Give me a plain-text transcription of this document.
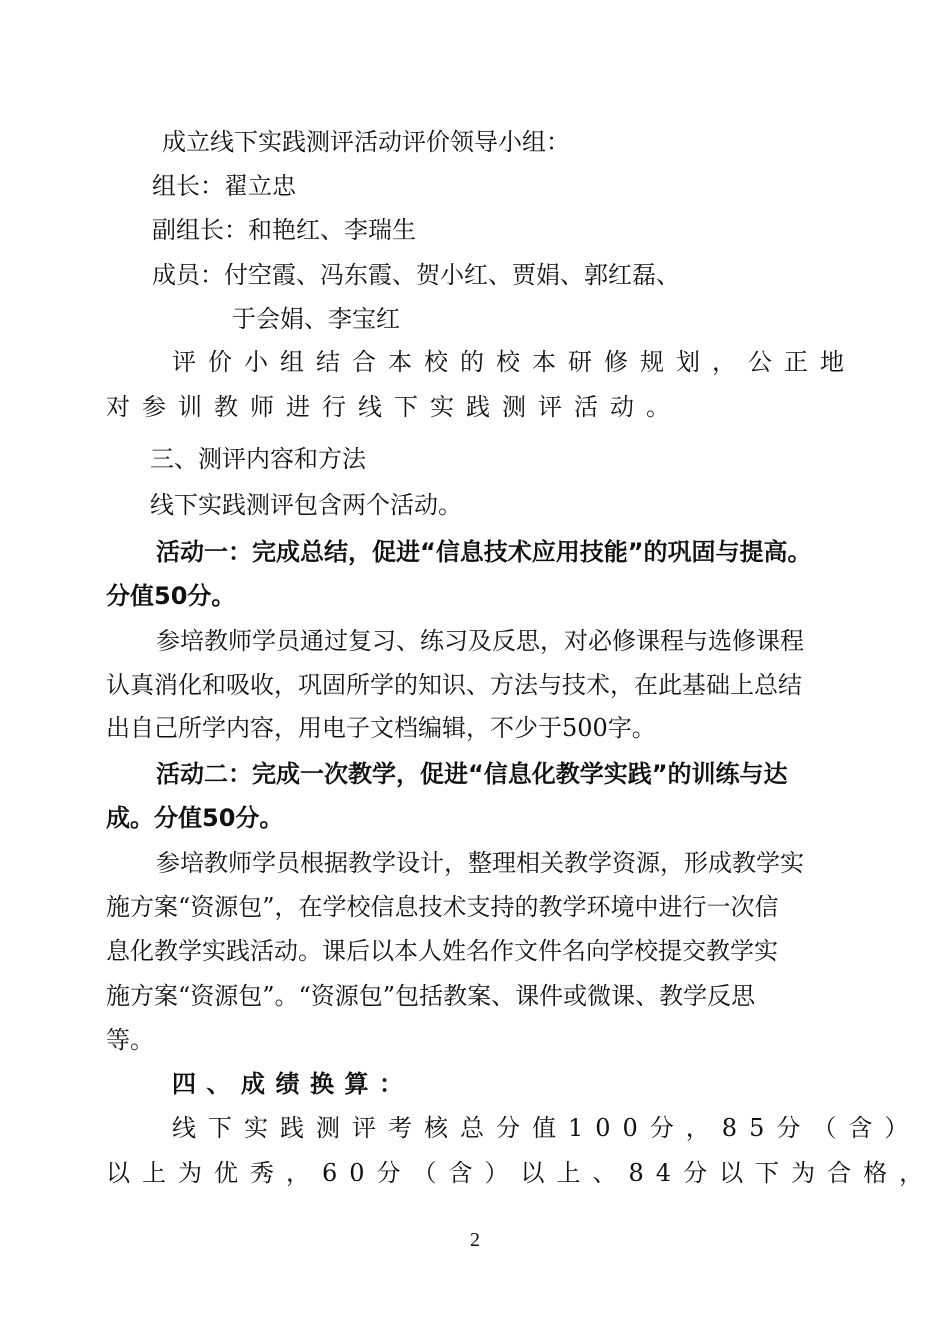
成立线下实践测评活动评价领导小组：

组长：翟立忠

副组长：和艳红、李瑞生

成员：付空霞、冯东霞、贺小红、贾娟、郭红磊、

于会娟、李宝红

评价小组结合本校的校本研修规划，公正地

对参训教师进行线下实践测评活动。

三、测评内容和方法

线下实践测评包含两个活动。

活动一：完成总结，促进“信息技术应用技能”的巩固与提高。

分值50分。

参培教师学员通过复习、练习及反思，对必修课程与选修课程

认真消化和吸收，巩固所学的知识、方法与技术，在此基础上总结

出自己所学内容，用电子文档编辑，不少于500字。

活动二：完成一次教学，促进“信息化教学实践”的训练与达

成。分值50分。

参培教师学员根据教学设计，整理相关教学资源，形成教学实

施方案“资源包”，在学校信息技术支持的教学环境中进行一次信

息化教学实践活动。课后以本人姓名作文件名向学校提交教学实

施方案“资源包”。“资源包”包括教案、课件或微课、教学反思

等。

四、成绩换算：

线下实践测评考核总分值100分，85分（含）

以上为优秀，60分（含）以上、84分以下为合格，

2
